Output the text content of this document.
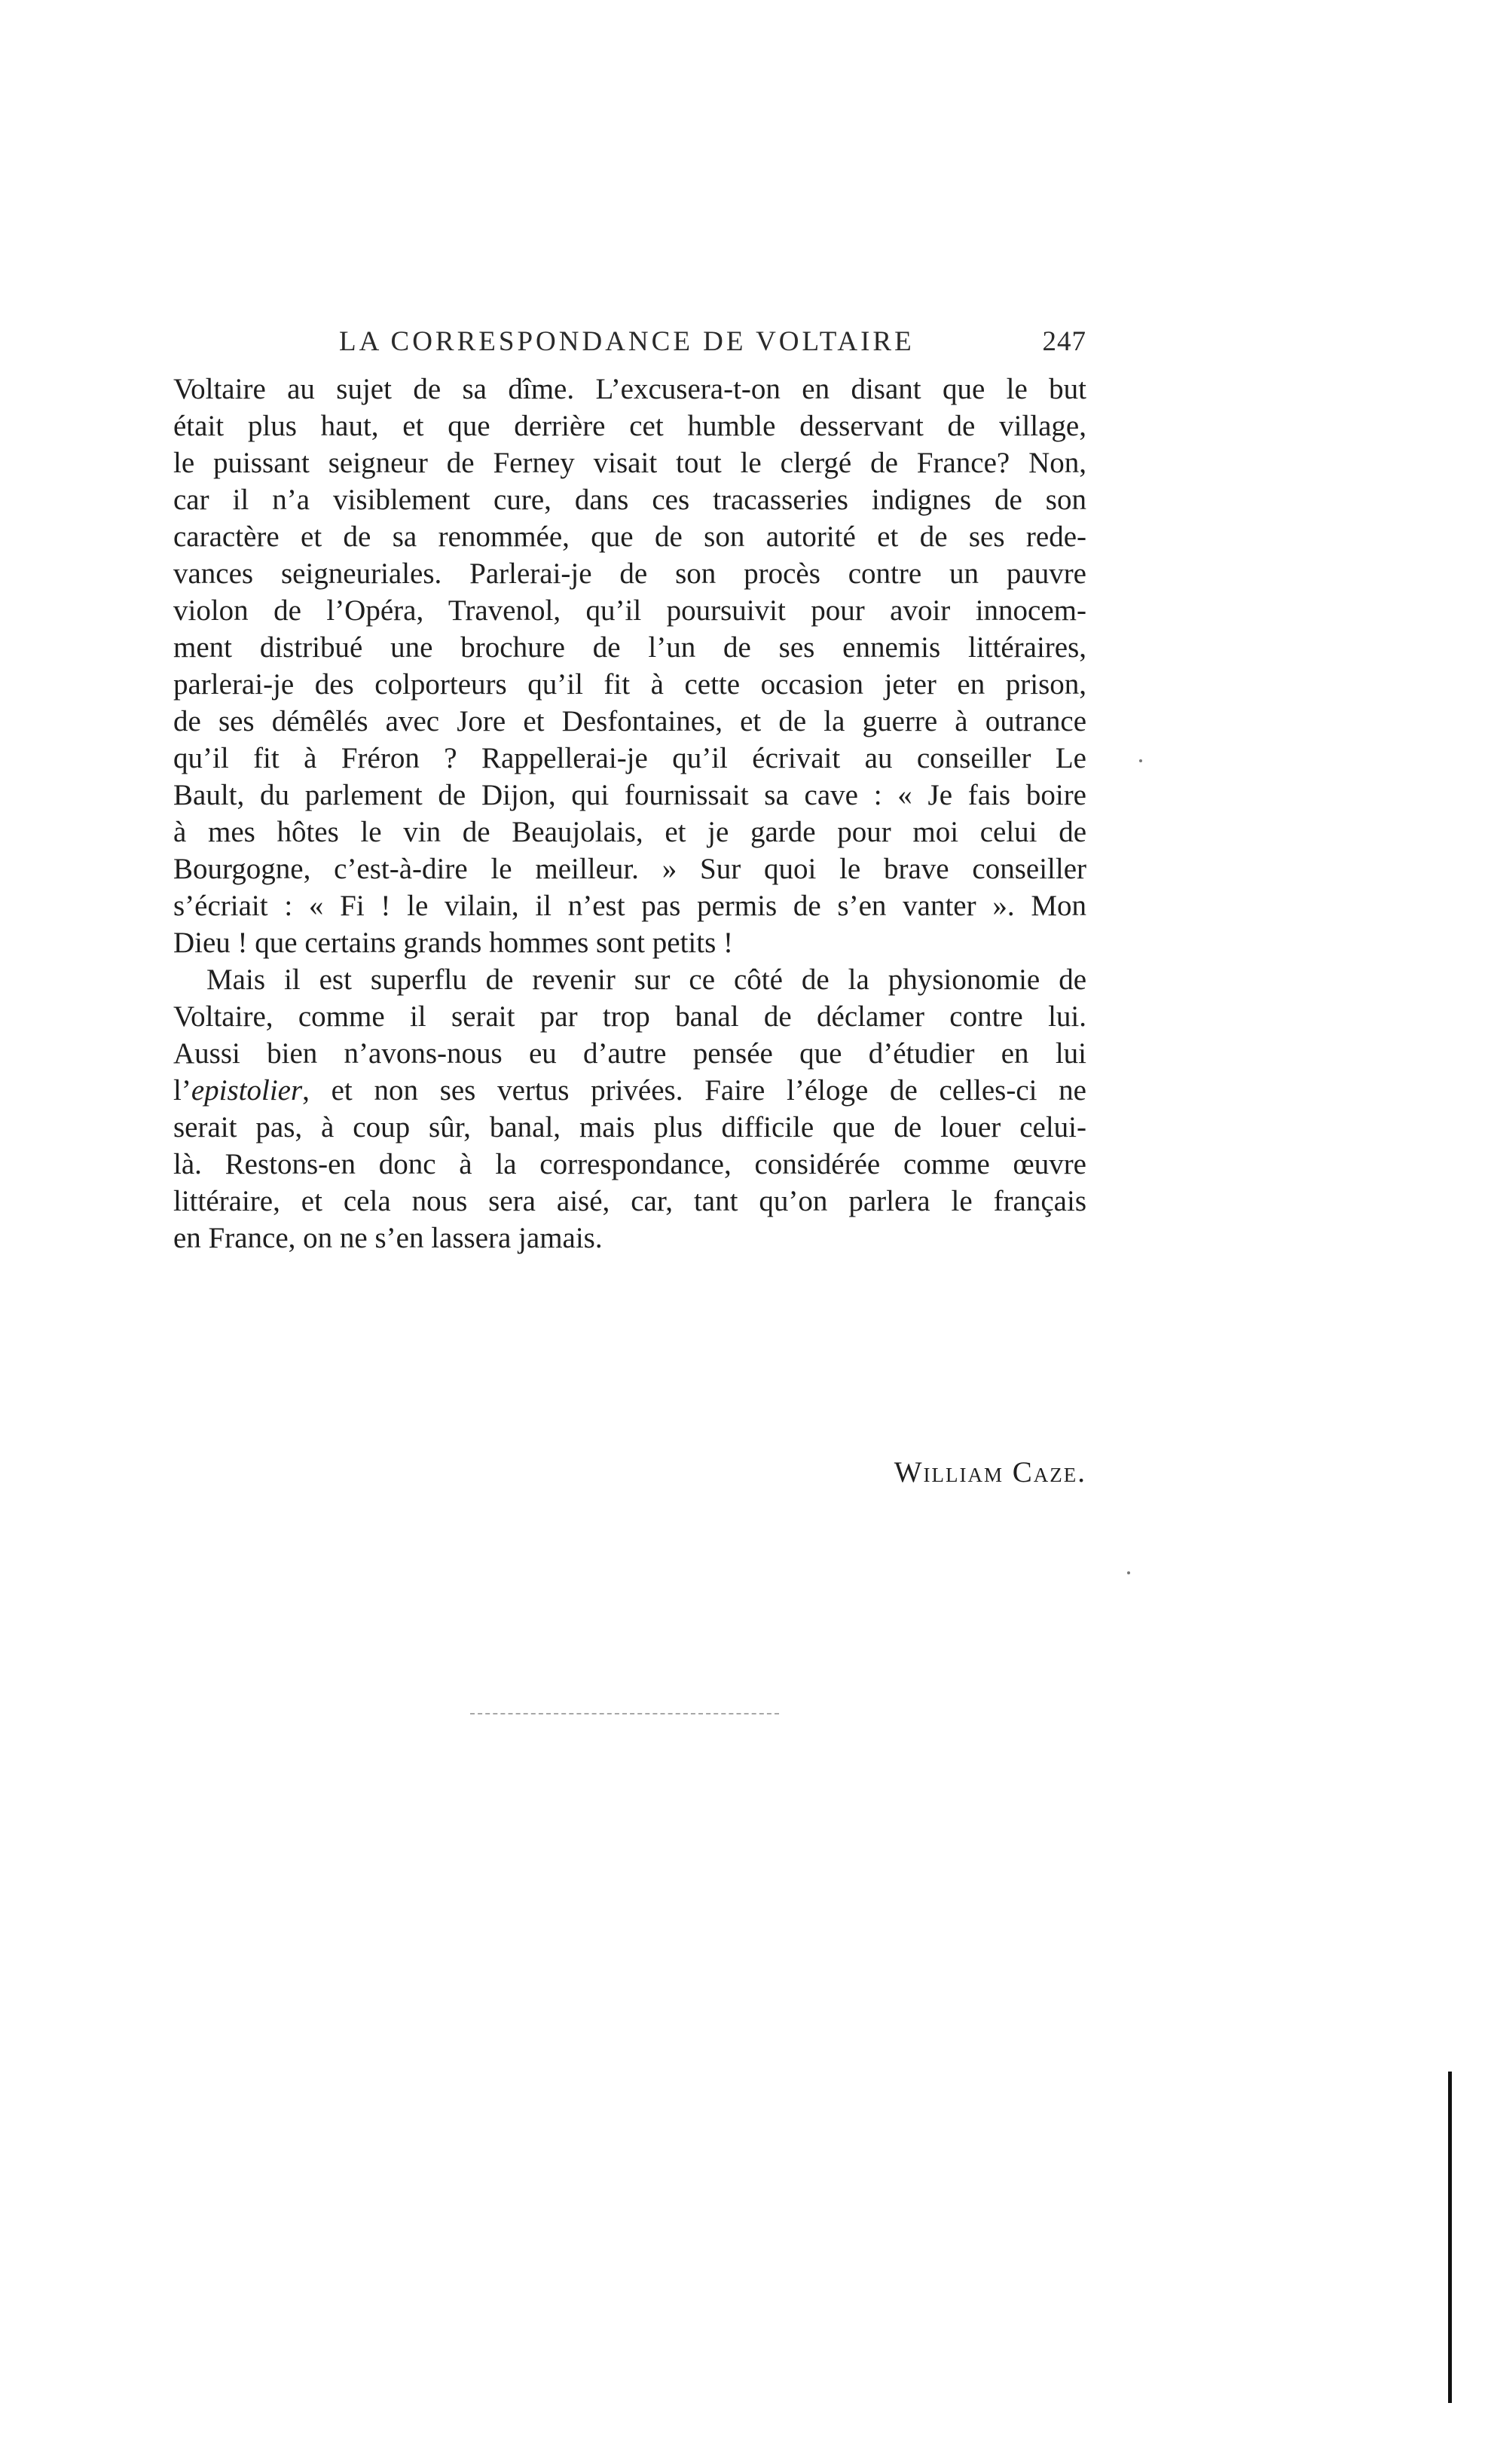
LA CORRESPONDANCE DE VOLTAIRE	247
Voltaire au sujet de sa dîme. L’excusera-t-on en disant que le but
était plus haut, et que derrière cet humble desservant de village,
le puissant seigneur de Ferney visait tout le clergé de France? Non,
car il n’a visiblement cure, dans ces tracasseries indignes de son
caractère et de sa renommée, que de son autorité et de ses rede-
vances seigneuriales. Parlerai-je de son procès contre un pauvre
violon de l’Opéra, Travenol, qu’il poursuivit pour avoir innocem-
ment distribué une brochure de l’un de ses ennemis littéraires,
parlerai-je des colporteurs qu’il fit à cette occasion jeter en prison,
de ses démêlés avec Jore et Desfontaines, et de la guerre à outrance
qu’il fit à Fréron ? Rappellerai-je qu’il écrivait au conseiller Le
Bault, du parlement de Dijon, qui fournissait sa cave : « Je fais boire
à mes hôtes le vin de Beaujolais, et je garde pour moi celui de
Bourgogne, c’est-à-dire le meilleur. » Sur quoi le brave conseiller
s’écriait : « Fi ! le vilain, il n’est pas permis de s’en vanter ». Mon
Dieu ! que certains grands hommes sont petits !
Mais il est superflu de revenir sur ce côté de la physionomie de
Voltaire, comme il serait par trop banal de déclamer contre lui.
Aussi bien n’avons-nous eu d’autre pensée que d’étudier en lui
l’epistolier, et non ses vertus privées. Faire l’éloge de celles-ci ne
serait pas, à coup sûr, banal, mais plus difficile que de louer celui-
là. Restons-en donc à la correspondance, considérée comme œuvre
littéraire, et cela nous sera aisé, car, tant qu’on parlera le français
en France, on ne s’en lassera jamais.
William Caze.
